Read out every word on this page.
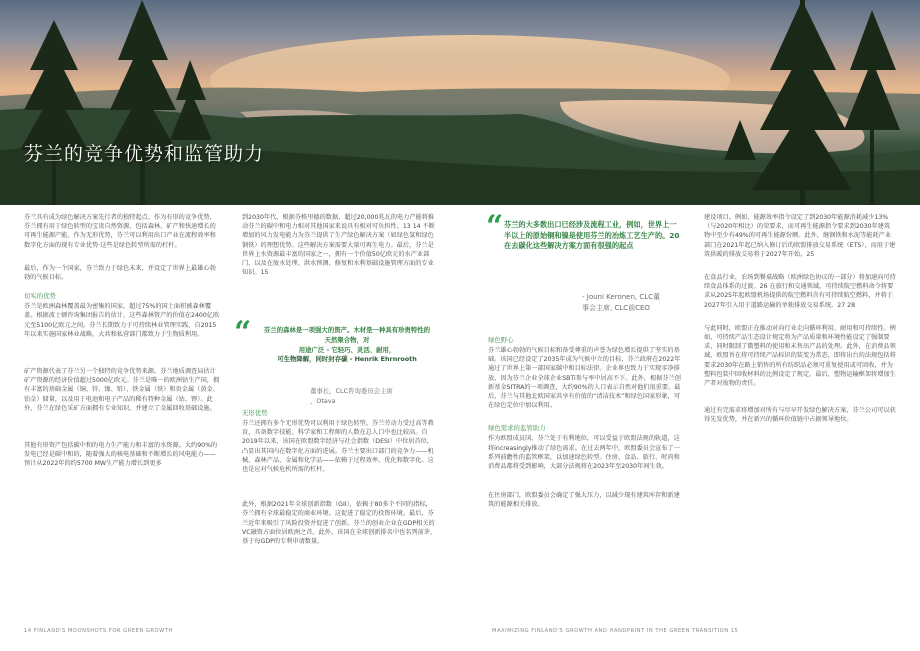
芬兰的竞争优势和监管助力

芬兰具有成为绿色解决方案先行者的独特起点。作为有形的竞争优势，芬兰拥有用于绿色转型的宝贵自然资源，包括森林、矿产和快速增长的可再生能源产能。作为无形优势，芬兰可以利用出口产业在流程效率和数字化方面的现有专业优势·这些是绿色转型所需的杠杆。

最后，作为一个国家，芬兰致力于绿色未来，并设定了世界上最雄心勃勃的气候目标。

切实的优势

芬兰是欧洲森林覆盖最为密集的国家，超过75%的国土面积被森林覆盖。根据波士顿咨询集团报告的估计，这些森林资产的价值在2400亿欧元至5100亿欧元之间。芬兰长期致力于可持续林业管理实践，自2015年以来实施国家林业战略，大共和私营部门都致力于生物质利用。

矿产资源代表了芬兰另一个独特的竞争优势来源。芬兰地质调查局估计矿产资源的经济价值超过5000亿欧元。芬兰是唯一的欧洲钴生产国，拥有丰富的基础金属（铜、锌、镍、铅）、铁金属（铁）和贵金属（黄金、铂金）储量，以及用于电池和电子产品的稀有特种金属（钴、锂）。此外，芬兰在绿色采矿方面拥有专业知识，并建立了金属回收基础设施。

其他有形资产包括碳中和的电力生产能力和丰富的水资源。大约90%的发电已经是碳中和的，随着强大的核电基础和不断增长的风电能力——预计从2022年的约5700 MW生产能力增长到更多

到2030年代，根据芬格里德的数据，超过20,000兆瓦的电力产能将推动芬兰的碳中和电力相对其他国家来说具有相对可负担性。13 14 不断增加的风力发电能力为芬兰提供了生产绿色解决方案（如绿色氢和绿色钢铁）的理想优势。这些解决方案需要大量可再生电力。最后，芬兰是世界上水资源最丰富的国家之一，拥有一个价值50亿欧元的水产业部门，以及在废水处理、洪水预测、修复和水利基础设施管理方面的专业知识。15

“	芬兰的森林是一项强大的资产。木材是一种具有珍贵特性的天然聚合物，对
用途广泛 - 它轻巧、灵活、耐用，
可生物降解，同时封存碳 - Henrik Ehrnrooth
董事长，CLC咨询委员会主席
，Otava
无形优势

芬兰还拥有多个无形优势可以利用于绿色转型。芬兰劳动力受过高等教育，具备数字技能、科学家和工程师的人数在总人口中也比较高。自2019年以来，该国在欧盟数字经济与社会指数（DESI）中位居首位，凸显出其国内在数字化方面的进展。芬兰主要出口部门的竞争力——机械、森林产品、金属和化学品——依赖于过程效率、优化和数字化。这也是应对气候危机所需的杠杆。

此外，根据2021年全球创新指数（GII），依赖于80多个不同的指标，芬兰拥有全球最稳定的商业环境。这促进了稳定的投资环境。最后，芬兰近年来吸引了风险投资并促进了创新。芬兰的创业企业在GDP相关的VC融资方面位居欧洲之首。此外，该国在全球创新排名中也名列前茅，基于每GDP的专利申请数量。

“ 芬兰的大多数出口已经涉及流程工业，例如，世界上一半以上的原始铜和镍是使用芬兰的冶炼工艺生产的。20 在去碳化这些解决方案方面有很强的起点
- Jouni Keronen, CLC董
事会主席, CLC前CEO
绿色野心

芬兰雄心勃勃的气候目标和备受尊重的声誉为绿色增长提供了坚实的基础。该国已经设定了2035年成为气候中立的目标，芬兰政府在2022年通过了世界上第一部国家碳中和目标法律。企业界也致力于实现零净排放，因为芬兰企业全球企业SBTi参与率中居高不下。此外，根据芬兰创新基金SITRA的一项调查，大约90%的人口表示自然对他们很重要。最后，芬兰与其他北欧国家共享有价值的“清洁技术”和绿色国家形象，可在绿色定位中加以利用。

绿色需求的监管助力

作为欧盟成员国，芬兰处于有利地位，可以受益于欧盟法规的轨道，这将increasingly推动了绿色需求。在过去两年中，欧盟委员会宣布了一系列前瞻性的监管框架，以加速绿色转型。住房、食品、旅行、时尚和消费品都将受到影响，大部分法规将在2023年至2030年间生效。

在住房部门，欧盟委员会确定了强大压力，以减少现有建筑库存和新建筑的能源相关排放。

建设项目。例如，能源效率指令设定了到2030年能源消耗减少13%（与2020年相比）的荣要求，而可再生能源指令要求到2030年建筑物中至少有49%的可再生能源份额。此外，继钢铁和水泥等能耗产业部门在2021年起已纳入修订后的欧盟排放交易系统（ETS），而用于建筑供暖的排放交易将于2027年开始。25

在食品行业，农场到餐桌战略（欧洲绿色协议的一部分）将加速向可持续食品体系的过渡。26 在旅行和交通领域，可持续航空燃料命令将要求从2025年起欧盟机场提供的航空燃料含有可持续航空燃料，并将于2027年引入用于道路运输的单独排放交易系统。27 28

与此同时，欧盟正在推动对向行业走向循环利用、耐用和可持续性。例如，可持续产品生态设计规定将为产品质量和环境性能设定了强制要求，同时限制了微塑料的使用和未售出产品的处理。此外，在消费品领域，欧盟旨在将可持续产品标识的装变为常态，即将出台的法规包括将要求2030年在路上销售的所有纺织品必须可重复使用或可回收，并为塑料包装中回收材料的比例设定了规定。最后，塑物运输框架将增加生产者对废物的责任。

通过有完需求将增加对所有与尽早开发绿色解决方案，芬兰公司可以获得先发优势，并在新兴的循环价值链中占据领导地位。

14 FINLAND'S MOONSHOTS FOR GREEN GROWTH	MAXIMIZING FINLAND'S GROWTH AND HANDPRINT IN THE GREEN TRANSITION 15
